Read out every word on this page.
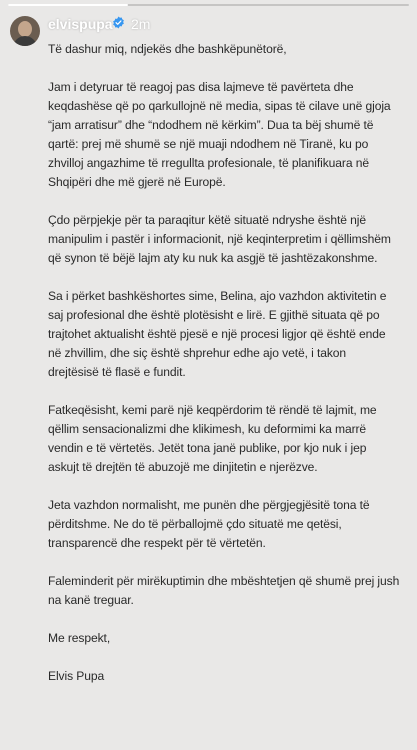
elvispupa 2m

Të dashur miq, ndjekës dhe bashkëpunëtorë,

Jam i detyruar të reagoj pas disa lajmeve të pavërteta dhe keqdashëse që po qarkullojnë në media, sipas të cilave unë gjoja “jam arratisur” dhe “ndodhem në kërkim”. Dua ta bëj shumë të qartë: prej më shumë se një muaji ndodhem në Tiranë, ku po zhvilloj angazhime të rregullta profesionale, të planifikuara në Shqipëri dhe më gjerë në Europë.

Çdo përpjekje për ta paraqitur këtë situatë ndryshe është një manipulim i pastër i informacionit, një keqinterpretim i qëllimshëm që synon të bëjë lajm aty ku nuk ka asgjë të jashtëzakonshme.

Sa i përket bashkëshortes sime, Belina, ajo vazhdon aktivitetin e saj profesional dhe është plotësisht e lirë. E gjithë situata që po trajtohet aktualisht është pjesë e një procesi ligjor që është ende në zhvillim, dhe siç është shprehur edhe ajo vetë, i takon drejtësisë të flasë e fundit.

Fatkeqësisht, kemi parë një keqpërdorim të rëndë të lajmit, me qëllim sensacionalizmi dhe klikimesh, ku deformimi ka marrë vendin e të vërtetës. Jetët tona janë publike, por kjo nuk i jep askujt të drejtën të abuzojë me dinjitetin e njerëzve.

Jeta vazhdon normalisht, me punën dhe përgjegjësitë tona të përditshme. Ne do të përballojmë çdo situatë me qetësi, transparencë dhe respekt për të vërtetën.

Faleminderit për mirëkuptimin dhe mbështetjen që shumë prej jush na kanë treguar.

Me respekt,

Elvis Pupa
